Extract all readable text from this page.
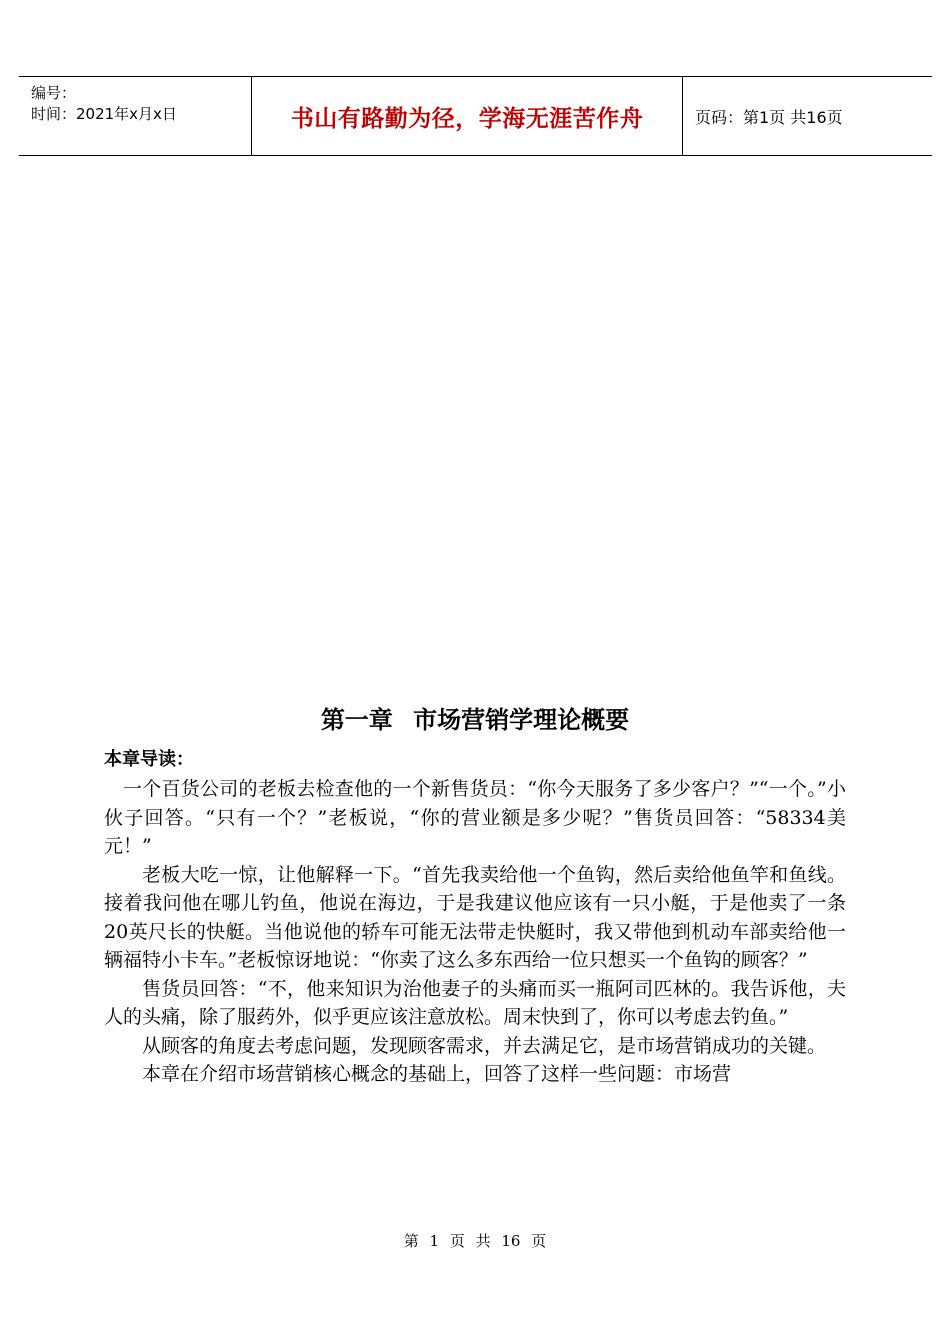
编号：
时间：2021年x月x日	书山有路勤为径，学海无涯苦作舟	页码：第1页 共16页
第一章 市场营销学理论概要
本章导读：

一个百货公司的老板去检查他的一个新售货员：“你今天服务了多少客户？”“一个。”小伙子回答。“只有一个？”老板说，“你的营业额是多少呢？”售货员回答：“58334美元！”

老板大吃一惊，让他解释一下。“首先我卖给他一个鱼钩，然后卖给他鱼竿和鱼线。接着我问他在哪儿钓鱼，他说在海边，于是我建议他应该有一只小艇，于是他卖了一条20英尺长的快艇。当他说他的轿车可能无法带走快艇时，我又带他到机动车部卖给他一辆福特小卡车。”老板惊讶地说：“你卖了这么多东西给一位只想买一个鱼钩的顾客？”

售货员回答：“不，他来知识为治他妻子的头痛而买一瓶阿司匹林的。我告诉他，夫人的头痛，除了服药外，似乎更应该注意放松。周末快到了，你可以考虑去钓鱼。”

从顾客的角度去考虑问题，发现顾客需求，并去满足它，是市场营销成功的关键。

本章在介绍市场营销核心概念的基础上，回答了这样一些问题：市场营

第 1 页 共 16 页
